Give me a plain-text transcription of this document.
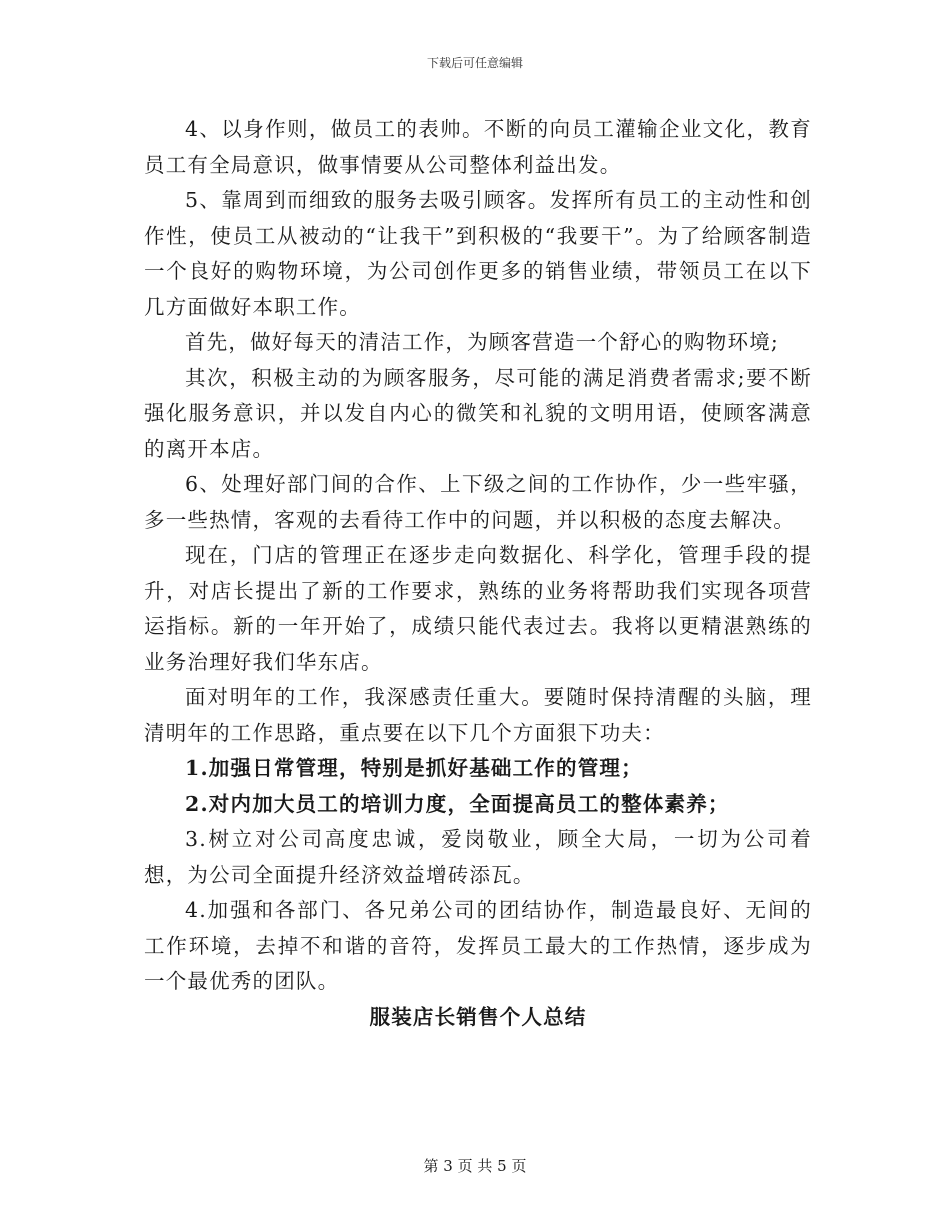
下载后可任意编辑

4、以身作则，做员工的表帅。不断的向员工灌输企业文化，教育员工有全局意识，做事情要从公司整体利益出发。

5、靠周到而细致的服务去吸引顾客。发挥所有员工的主动性和创作性，使员工从被动的“让我干”到积极的“我要干”。为了给顾客制造一个良好的购物环境，为公司创作更多的销售业绩，带领员工在以下几方面做好本职工作。

首先，做好每天的清洁工作，为顾客营造一个舒心的购物环境;

其次，积极主动的为顾客服务，尽可能的满足消费者需求;要不断强化服务意识，并以发自内心的微笑和礼貌的文明用语，使顾客满意的离开本店。

6、处理好部门间的合作、上下级之间的工作协作，少一些牢骚，多一些热情，客观的去看待工作中的问题，并以积极的态度去解决。

现在，门店的管理正在逐步走向数据化、科学化，管理手段的提升，对店长提出了新的工作要求，熟练的业务将帮助我们实现各项营运指标。新的一年开始了，成绩只能代表过去。我将以更精湛熟练的业务治理好我们华东店。

面对明年的工作，我深感责任重大。要随时保持清醒的头脑，理清明年的工作思路，重点要在以下几个方面狠下功夫：

1.加强日常管理，特别是抓好基础工作的管理；

2.对内加大员工的培训力度，全面提高员工的整体素养；

3.树立对公司高度忠诚，爱岗敬业，顾全大局，一切为公司着想，为公司全面提升经济效益增砖添瓦。

4.加强和各部门、各兄弟公司的团结协作，制造最良好、无间的工作环境，去掉不和谐的音符，发挥员工最大的工作热情，逐步成为一个最优秀的团队。

服装店长销售个人总结

第 3 页 共 5 页
